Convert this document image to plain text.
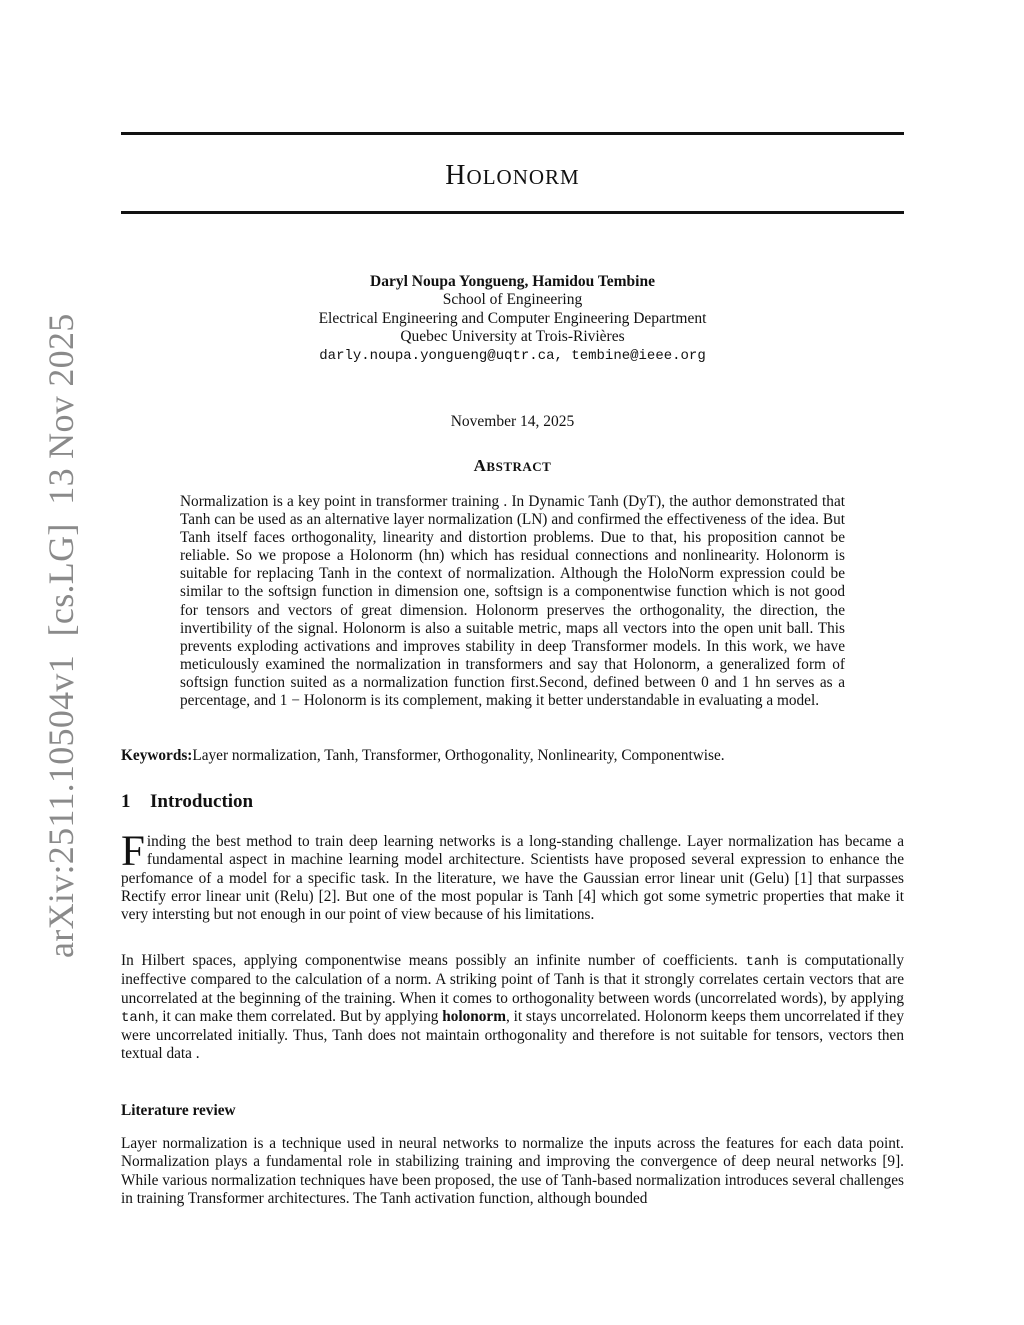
HOLONORM
Daryl Noupa Yongueng, Hamidou Tembine
School of Engineering
Electrical Engineering and Computer Engineering Department
Quebec University at Trois-Rivières
darly.noupa.yongueng@uqtr.ca, tembine@ieee.org
November 14, 2025
ABSTRACT
Normalization is a key point in transformer training . In Dynamic Tanh (DyT), the author demonstrated that Tanh can be used as an alternative layer normalization (LN) and confirmed the effectiveness of the idea. But Tanh itself faces orthogonality, linearity and distortion problems. Due to that, his proposition cannot be reliable. So we propose a Holonorm (hn) which has residual connections and nonlinearity. Holonorm is suitable for replacing Tanh in the context of normalization. Although the HoloNorm expression could be similar to the softsign function in dimension one, softsign is a componentwise function which is not good for tensors and vectors of great dimension. Holonorm preserves the orthogonality, the direction, the invertibility of the signal. Holonorm is also a suitable metric, maps all vectors into the open unit ball. This prevents exploding activations and improves stability in deep Transformer models. In this work, we have meticulously examined the normalization in transformers and say that Holonorm, a generalized form of softsign function suited as a normalization function first.Second, defined between 0 and 1 hn serves as a percentage, and 1 − Holonorm is its complement, making it better understandable in evaluating a model.
Keywords:Layer normalization, Tanh, Transformer, Orthogonality, Nonlinearity, Componentwise.
1 Introduction
Finding the best method to train deep learning networks is a long-standing challenge. Layer normalization has became a fundamental aspect in machine learning model architecture. Scientists have proposed several expression to enhance the perfomance of a model for a specific task. In the literature, we have the Gaussian error linear unit (Gelu) [1] that surpasses Rectify error linear unit (Relu) [2]. But one of the most popular is Tanh [4] which got some symetric properties that make it very intersting but not enough in our point of view because of his limitations.
In Hilbert spaces, applying componentwise means possibly an infinite number of coefficients. tanh is computationally ineffective compared to the calculation of a norm. A striking point of Tanh is that it strongly correlates certain vectors that are uncorrelated at the beginning of the training. When it comes to orthogonality between words (uncorrelated words), by applying tanh, it can make them correlated. But by applying holonorm, it stays uncorrelated. Holonorm keeps them uncorrelated if they were uncorrelated initially. Thus, Tanh does not maintain orthogonality and therefore is not suitable for tensors, vectors then textual data .
Literature review
Layer normalization is a technique used in neural networks to normalize the inputs across the features for each data point. Normalization plays a fundamental role in stabilizing training and improving the convergence of deep neural networks [9]. While various normalization techniques have been proposed, the use of Tanh-based normalization introduces several challenges in training Transformer architectures. The Tanh activation function, although bounded
arXiv:2511.10504v1  [cs.LG]  13 Nov 2025
